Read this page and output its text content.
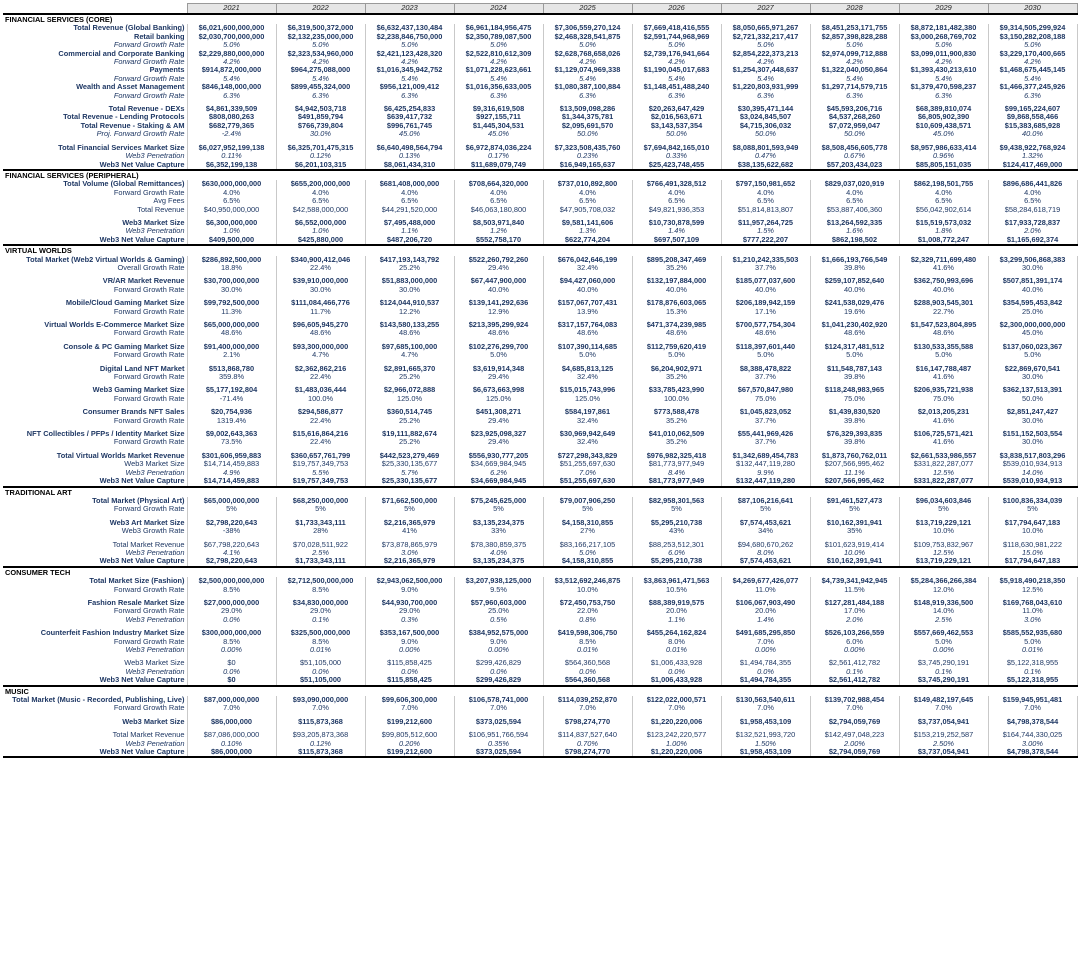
	2021	2022	2023	2024	2025	2026	2027	2028	2029	2030
FINANCIAL SERVICES (CORE)										
Total Revenue (Global Banking)	$6,021,600,000,000	$6,319,500,372,000	$6,632,437,130,484	$6,961,184,956,475	$7,306,559,270,124	$7,669,418,416,555	$8,050,665,971,267	$8,451,253,171,755	$8,872,181,482,380	$9,314,505,299,924
Retail banking	$2,030,700,000,000	$2,132,235,000,000	$2,238,846,750,000	$2,350,789,087,500	$2,468,328,541,875	$2,591,744,968,969	$2,721,332,217,417	$2,857,398,828,288	$3,000,268,769,702	$3,150,282,208,188
Forward Growth Rate	5.0%	5.0%	5.0%	5.0%	5.0%	5.0%	5.0%	5.0%	5.0%	5.0%
Commercial and Corporate Banking	$2,229,880,000,000	$2,323,534,960,000	$2,421,123,428,320	$2,522,810,612,309	$2,628,768,658,026	$2,739,176,941,664	$2,854,222,373,213	$2,974,099,712,888	$3,099,011,900,830	$3,229,170,400,665
Forward Growth Rate	4.2%	4.2%	4.2%	4.2%	4.2%	4.2%	4.2%	4.2%	4.2%	4.2%
Payments	$914,872,000,000	$964,275,088,000	$1,016,345,942,752	$1,071,228,623,661	$1,129,074,969,338	$1,190,045,017,683	$1,254,307,448,637	$1,322,040,050,864	$1,393,430,213,610	$1,468,675,445,145
Forward Growth Rate	5.4%	5.4%	5.4%	5.4%	5.4%	5.4%	5.4%	5.4%	5.4%	5.4%
Wealth and Asset Management	$846,148,000,000	$899,455,324,000	$956,121,009,412	$1,016,356,633,005	$1,080,387,100,884	$1,148,451,488,240	$1,220,803,931,999	$1,297,714,579,715	$1,379,470,598,237	$1,466,377,245,926
Forward Growth Rate	6.3%	6.3%	6.3%	6.3%	6.3%	6.3%	6.3%	6.3%	6.3%	6.3%

Total Revenue - DEXs	$4,861,339,509	$4,942,503,718	$6,425,254,833	$9,316,619,508	$13,509,098,286	$20,263,647,429	$30,395,471,144	$45,593,206,716	$68,389,810,074	$99,165,224,607
Total Revenue - Lending Protocols	$808,080,263	$491,859,794	$639,417,732	$927,155,711	$1,344,375,781	$2,016,563,671	$3,024,845,507	$4,537,268,260	$6,805,902,390	$9,868,558,466
Total Revenue - Staking & AM	$682,779,365	$766,739,804	$996,761,745	$1,445,304,531	$2,095,691,570	$3,143,537,354	$4,715,306,032	$7,072,959,047	$10,609,438,571	$15,383,685,928
Proj. Forward Growth Rate	-2.4%	30.0%	45.0%	45.0%	50.0%	50.0%	50.0%	50.0%	45.0%	40.0%

Total Financial Services Market Size	$6,027,952,199,138	$6,325,701,475,315	$6,640,498,564,794	$6,972,874,036,224	$7,323,508,435,760	$7,694,842,165,010	$8,088,801,593,949	$8,508,456,605,778	$8,957,986,633,414	$9,438,922,768,924
Web3 Penetration	0.11%	0.12%	0.13%	0.17%	0.23%	0.33%	0.47%	0.67%	0.96%	1.32%
Web3 Net Value Capture	$6,352,199,138	$6,201,103,315	$8,061,434,310	$11,689,079,749	$16,949,165,637	$25,423,748,455	$38,135,622,682	$57,203,434,023	$85,805,151,035	$124,417,469,000
FINANCIAL SERVICES (PERIPHERAL)										
Total Volume (Global Remittances)	$630,000,000,000	$655,200,000,000	$681,408,000,000	$708,664,320,000	$737,010,892,800	$766,491,328,512	$797,150,981,652	$829,037,020,919	$862,198,501,755	$896,686,441,826
Forward Growth Rate	4.0%	4.0%	4.0%	4.0%	4.0%	4.0%	4.0%	4.0%	4.0%	4.0%
Avg Fees	6.5%	6.5%	6.5%	6.5%	6.5%	6.5%	6.5%	6.5%	6.5%	6.5%
Total Revenue	$40,950,000,000	$42,588,000,000	$44,291,520,000	$46,063,180,800	$47,905,708,032	$49,821,936,353	$51,814,813,807	$53,887,406,360	$56,042,902,614	$58,284,618,719

Web3 Market Size	$6,300,000,000	$6,552,000,000	$7,495,488,000	$8,503,971,840	$9,581,141,606	$10,730,878,599	$11,957,264,725	$13,264,592,335	$15,519,573,032	$17,933,728,837
Web3 Penetration	1.0%	1.0%	1.1%	1.2%	1.3%	1.4%	1.5%	1.6%	1.8%	2.0%
Web3 Net Value Capture	$409,500,000	$425,880,000	$487,206,720	$552,758,170	$622,774,204	$697,507,109	$777,222,207	$862,198,502	$1,008,772,247	$1,165,692,374
VIRTUAL WORLDS										
Total Market (Web2 Virtual Worlds & Gaming)	$286,892,500,000	$340,900,412,046	$417,193,143,792	$522,260,792,260	$676,042,646,199	$895,208,347,469	$1,210,242,335,503	$1,666,193,766,549	$2,329,711,699,480	$3,299,506,868,383
Overall Growth Rate	18.8%	22.4%	25.2%	29.4%	32.4%	35.2%	37.7%	39.8%	41.6%	30.0%

VR/AR Market Revenue	$30,700,000,000	$39,910,000,000	$51,883,000,000	$67,447,900,000	$94,427,060,000	$132,197,884,000	$185,077,037,600	$259,107,852,640	$362,750,993,696	$507,851,391,174
Forward Growth Rate	30.0%	30.0%	30.0%	40.0%	40.0%	40.0%	40.0%	40.0%	40.0%	40.0%

Mobile/Cloud Gaming Market Size	$99,792,500,000	$111,084,466,776	$124,044,910,537	$139,141,292,636	$157,067,707,431	$178,876,603,065	$206,189,942,159	$241,538,029,476	$288,903,545,301	$354,595,453,842
Forward Growth Rate	11.3%	11.7%	12.2%	12.9%	13.9%	15.3%	17.1%	19.6%	22.7%	25.0%

Virtual Worlds E-Commerce Market Size	$65,000,000,000	$96,605,945,270	$143,580,133,255	$213,395,299,924	$317,157,764,083	$471,374,239,985	$700,577,754,304	$1,041,230,402,920	$1,547,523,804,895	$2,300,000,000,000
Forward Growth Rate	48.6%	48.6%	48.6%	48.6%	48.6%	48.6%	48.6%	48.6%	48.6%	45.0%

Console & PC Gaming Market Size	$91,400,000,000	$93,300,000,000	$97,685,100,000	$102,276,299,700	$107,390,114,685	$112,759,620,419	$118,397,601,440	$124,317,481,512	$130,533,355,588	$137,060,023,367
Forward Growth Rate	2.1%	4.7%	4.7%	5.0%	5.0%	5.0%	5.0%	5.0%	5.0%	5.0%

Digital Land NFT Market	$513,868,780	$2,362,862,216	$2,891,665,370	$3,619,914,348	$4,685,813,125	$6,204,902,971	$8,388,478,822	$11,548,787,143	$16,147,788,487	$22,869,670,541
Forward Growth Rate	359.8%	22.4%	25.2%	29.4%	32.4%	35.2%	37.7%	39.8%	41.6%	30.0%

Web3 Gaming Market Size	$5,177,192,804	$1,483,036,444	$2,966,072,888	$6,673,663,998	$15,015,743,996	$33,785,423,990	$67,570,847,980	$118,248,983,965	$206,935,721,938	$362,137,513,391
Forward Growth Rate	-71.4%	100.0%	125.0%	125.0%	125.0%	100.0%	75.0%	75.0%	75.0%	50.0%

Consumer Brands NFT Sales	$20,754,936	$294,586,877	$360,514,745	$451,308,271	$584,197,861	$773,588,478	$1,045,823,052	$1,439,830,520	$2,013,205,231	$2,851,247,427
Forward Growth Rate	1319.4%	22.4%	25.2%	29.4%	32.4%	35.2%	37.7%	39.8%	41.6%	30.0%

NFT Collectibles / PFPs / Identity Market Size	$9,002,643,363	$15,616,864,216	$19,111,882,674	$23,925,098,327	$30,969,942,649	$41,010,062,509	$55,441,969,426	$76,329,393,835	$106,725,571,421	$151,152,503,554
Forward Growth Rate	73.5%	22.4%	25.2%	29.4%	32.4%	35.2%	37.7%	39.8%	41.6%	30.0%

Total Virtual Worlds Market Revenue	$301,606,959,883	$360,657,761,799	$442,523,279,469	$556,930,777,205	$727,298,343,829	$976,982,325,418	$1,342,689,454,783	$1,873,760,762,011	$2,661,533,986,557	$3,838,517,803,296
Web3 Market Size	$14,714,459,883	$19,757,349,753	$25,330,135,677	$34,669,984,945	$51,255,697,630	$81,773,977,949	$132,447,119,280	$207,566,995,462	$331,822,287,077	$539,010,934,913
Web3 Penetration	4.9%	5.5%	5.7%	6.2%	7.0%	8.4%	9.9%	11.1%	12.5%	14.0%
Web3 Net Value Capture	$14,714,459,883	$19,757,349,753	$25,330,135,677	$34,669,984,945	$51,255,697,630	$81,773,977,949	$132,447,119,280	$207,566,995,462	$331,822,287,077	$539,010,934,913
TRADITIONAL ART										
Total Market (Physical Art)	$65,000,000,000	$68,250,000,000	$71,662,500,000	$75,245,625,000	$79,007,906,250	$82,958,301,563	$87,106,216,641	$91,461,527,473	$96,034,603,846	$100,836,334,039
Forward Growth Rate	5%	5%	5%	5%	5%	5%	5%	5%	5%	5%

Web3 Art Market Size	$2,798,220,643	$1,733,343,111	$2,216,365,979	$3,135,234,375	$4,158,310,855	$5,295,210,738	$7,574,453,621	$10,162,391,941	$13,719,229,121	$17,794,647,183
Web3 Growth Rate	-38%	28%	41%	33%	27%	43%	34%	35%	10.0%	10.0%

Total Market Revenue	$67,798,220,643	$70,028,511,922	$73,878,865,979	$78,380,859,375	$83,166,217,105	$88,253,512,301	$94,680,670,262	$101,623,919,414	$109,753,832,967	$118,630,981,222
Web3 Penetration	4.1%	2.5%	3.0%	4.0%	5.0%	6.0%	8.0%	10.0%	12.5%	15.0%
Web3 Net Value Capture	$2,798,220,643	$1,733,343,111	$2,216,365,979	$3,135,234,375	$4,158,310,855	$5,295,210,738	$7,574,453,621	$10,162,391,941	$13,719,229,121	$17,794,647,183
CONSUMER TECH										
Total Market Size (Fashion)	$2,500,000,000,000	$2,712,500,000,000	$2,943,062,500,000	$3,207,938,125,000	$3,512,692,246,875	$3,863,961,471,563	$4,269,677,426,077	$4,739,341,942,945	$5,284,366,266,384	$5,918,490,218,350
Forward Growth Rate	8.5%	8.5%	9.0%	9.5%	10.0%	10.5%	11.0%	11.5%	12.0%	12.5%

Fashion Resale Market Size	$27,000,000,000	$34,830,000,000	$44,930,700,000	$57,960,603,000	$72,450,753,750	$88,389,919,575	$106,067,903,490	$127,281,484,188	$148,919,336,500	$169,768,043,610
Forward Growth Rate	29.0%	29.0%	29.0%	25.0%	22.0%	20.0%	20.0%	17.0%	14.0%	11.0%
Web3 Penetration	0.0%	0.1%	0.3%	0.5%	0.8%	1.1%	1.4%	2.0%	2.5%	3.0%

Counterfeit Fashion Industry Market Size	$300,000,000,000	$325,500,000,000	$353,167,500,000	$384,952,575,000	$419,598,306,750	$455,264,162,824	$491,685,295,850	$526,103,266,559	$557,669,462,553	$585,552,935,680
Forward Growth Rate	8.5%	8.5%	9.0%	9.0%	8.5%	8.0%	7.0%	6.0%	5.0%	5.0%
Web3 Penetration	0.00%	0.01%	0.00%	0.00%	0.01%	0.01%	0.00%	0.00%	0.00%	0.01%

Web3 Market Size	$0	$51,105,000	$115,858,425	$299,426,829	$564,360,568	$1,006,433,928	$1,494,784,355	$2,561,412,782	$3,745,290,191	$5,122,318,955
Web3 Penetration	0.0%	0.0%	0.0%	0.0%	0.0%	0.0%	0.0%	0.1%	0.1%	0.1%
Web3 Net Value Capture	$0	$51,105,000	$115,858,425	$299,426,829	$564,360,568	$1,006,433,928	$1,494,784,355	$2,561,412,782	$3,745,290,191	$5,122,318,955
MUSIC										
Total Market (Music - Recorded, Publishing, Live)	$87,000,000,000	$93,090,000,000	$99,606,300,000	$106,578,741,000	$114,039,252,870	$122,022,000,571	$130,563,540,611	$139,702,988,454	$149,482,197,645	$159,945,951,481
Forward Growth Rate	7.0%	7.0%	7.0%	7.0%	7.0%	7.0%	7.0%	7.0%	7.0%	7.0%

Web3 Market Size	$86,000,000	$115,873,368	$199,212,600	$373,025,594	$798,274,770	$1,220,220,006	$1,958,453,109	$2,794,059,769	$3,737,054,941	$4,798,378,544

Total Market Revenue	$87,086,000,000	$93,205,873,368	$99,805,512,600	$106,951,766,594	$114,837,527,640	$123,242,220,577	$132,521,993,720	$142,497,048,223	$153,219,252,587	$164,744,330,025
Web3 Penetration	0.10%	0.12%	0.20%	0.35%	0.70%	1.00%	1.50%	2.00%	2.50%	3.00%
Web3 Net Value Capture	$86,000,000	$115,873,368	$199,212,600	$373,025,594	$798,274,770	$1,220,220,006	$1,958,453,109	$2,794,059,769	$3,737,054,941	$4,798,378,544
